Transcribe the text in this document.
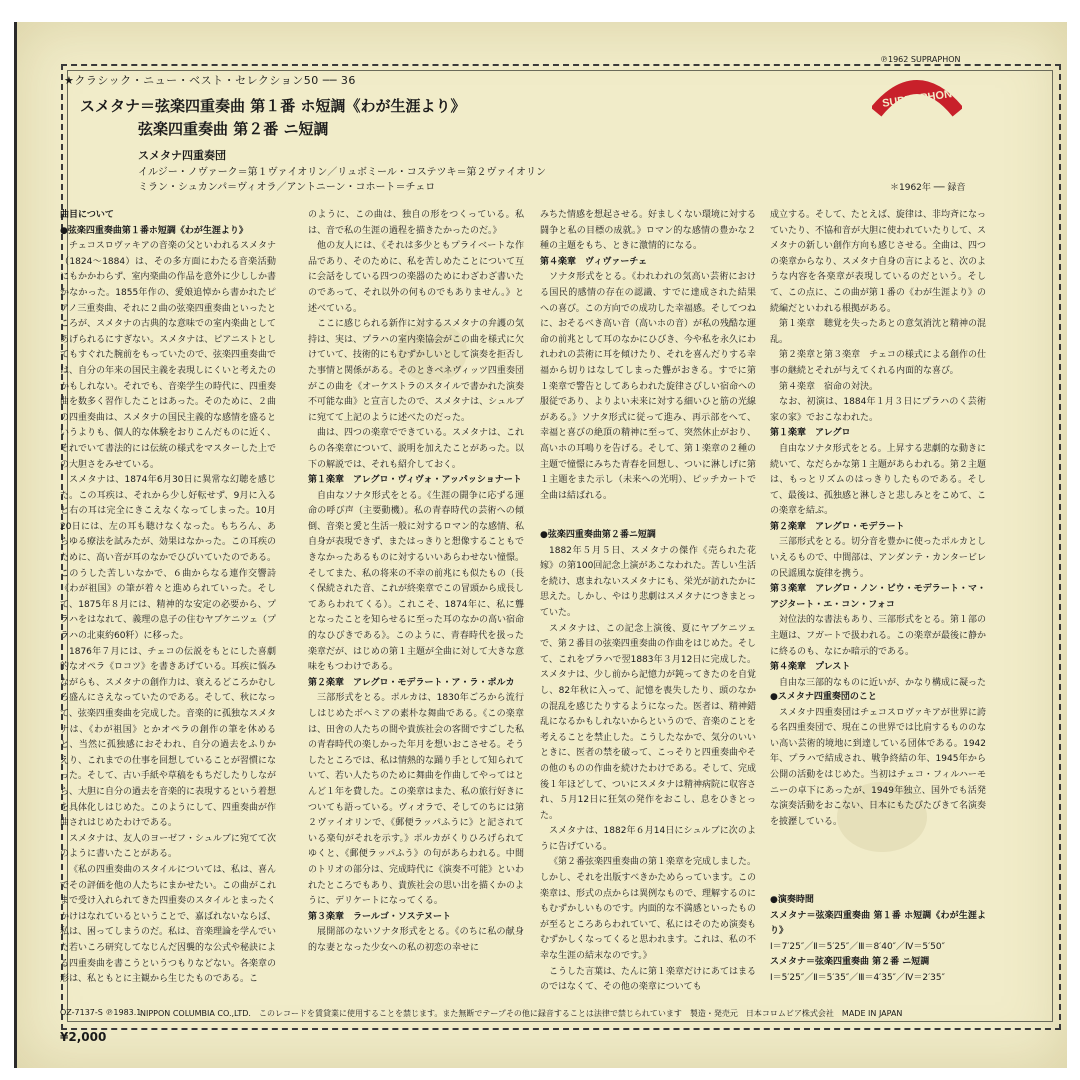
★クラシック・ニュー・ベスト・セレクション50 ── 36
スメタナ＝弦楽四重奏曲 第１番 ホ短調《わが生涯より》
弦楽四重奏曲 第２番 ニ短調
スメタナ四重奏団
イルジー・ノヴァーク＝第１ヴァイオリン／リュボミール・コステツキ＝第２ヴァイオリン
ミラン・シュカンパ＝ヴィオラ／アントニーン・コホート＝チェロ
℗1962 SUPRAPHON
SUPRAPHON
＊1962年 ── 録音

曲目について

●弦楽四重奏曲第１番ホ短調《わが生涯より》

チェコスロヴァキアの音楽の父といわれるスメタナ（1824〜1884）は、その多方面にわたる音楽活動にもかかわらず、室内楽曲の作品を意外に少ししか書かなかった。1855年作の、愛娘追悼から書かれたピアノ三重奏曲、それに２曲の弦楽四重奏曲といったところが、スメタナの古典的な意味での室内楽曲としてあげられるにすぎない。スメタナは、ピアニストとしてもすぐれた腕前をもっていたので、弦楽四重奏曲では、自分の年来の国民主義を表現しにくいと考えたのかもしれない。それでも、音楽学生の時代に、四重奏曲を数多く習作したことはあった。そのために、２曲の四重奏曲は、スメタナの国民主義的な感情を盛るというよりも、個人的な体験をおりこんだものに近く、それでいて書法的には伝統の様式をマスターした上での大胆さをみせている。

スメタナは、1874年6月30日に異常な幻聴を感じた。この耳疾は、それから少し好転せず、9月に入ると右の耳は完全にきこえなくなってしまった。10月20日には、左の耳も聴けなくなった。もちろん、あらゆる療法を試みたが、効果はなかった。この耳疾のために、高い音が耳のなかでひびいていたのである。このうした苦しいなかで、６曲からなる連作交響詩《わが祖国》の筆が着々と進められていった。そして、1875年８月には、精神的な安定の必要から、プラハをはなれて、義理の息子の住むヤブケニツェ（プラハの北東約60粁）に移った。

1876年７月には、チェコの伝説をもとにした喜劇的なオペラ《ロコツ》を書きあげている。耳疾に悩みながらも、スメタナの創作力は、衰えるどころかむしろ盛んにさえなっていたのである。そして、秋になって、弦楽四重奏曲を完成した。音楽的に孤独なスメタナは、《わが祖国》とかオペラの創作の筆を休めると、当然に孤独感におそわれ、自分の過去をふりかえり、これまでの仕事を回想していることが習慣になった。そして、古い手紙や草稿をもちだしたりしながら、大胆に自分の過去を音楽的に表現するという着想を具体化しはじめた。このようにして、四重奏曲が作曲されはじめたわけである。

スメタナは、友人のヨーゼフ・シュルブに宛てて次のように書いたことがある。

《私の四重奏曲のスタイルについては、私は、喜んでその評価を他の人たちにまかせたい。この曲がこれまで受け入れられてきた四重奏のスタイルとまったくかけはなれているということで、嘉ばれないならば、私は、困ってしまうのだ。私は、音楽理論を学んでいた若いころ研究してなじんだ因襲的な公式や秘訣による四重奏曲を書こうというつもりなどない。各楽章の形は、私ともとに主観から生じたものである。こ

のように、この曲は、独自の形をつくっている。私は、音で私の生涯の過程を描きたかったのだ。》

他の友人には、《それは多少ともプライベートな作品であり、そのために、私を苦しめたことについて互に会話をしている四つの楽器のためにわざわざ書いたのであって、それ以外の何ものでもありません。》と述べている。

ここに感じられる新作に対するスメタナの弁護の気持は、実は、プラハの室内楽協会がこの曲を様式に欠けていて、技術的にもむずかしいとして演奏を拒否した事情と関係がある。そのときベネヴィッツ四重奏団がこの曲を《オーケストラのスタイルで書かれた演奏不可能な曲》と宣言したので、スメタナは、シュルブに宛てて上記のように述べたのだった。

曲は、四つの楽章でできている。スメタナは、これらの各楽章について、説明を加えたことがあった。以下の解説では、それも紹介しておく。

第１楽章　アレグロ・ヴィヴォ・アッパッショナート

自由なソナタ形式をとる。《生涯の闘争に応ずる運命の呼び声（主要動機）。私の青春時代の芸術への傾倒、音楽と愛と生活一般に対するロマン的な感情、私自身が表現できず、またはっきりと想像することもできなかったあるものに対するいいあらわせない憧憬。そしてまた、私の将来の不幸の前兆にも似たもの（長く保続された音、これが終楽章でこの冒頭から成長してあらわれてくる）。これこそ、1874年に、私に聾となったことを知らせるに至った耳のなかの高い宿命的なひびきである》。このように、青春時代を扱った楽章だが、はじめの第１主題が全曲に対して大きな意味をもつわけである。

第２楽章　アレグロ・モデラート・ア・ラ・ポルカ

三部形式をとる。ポルカは、1830年ごろから流行しはじめたボヘミアの素朴な舞曲である。《この楽章は、田舎の人たちの間や貴族社会の客間ですごした私の青春時代の楽しかった年月を想いおこさせる。そうしたところでは、私は情熱的な踊り手として知られていて、若い人たちのために舞曲を作曲してやってはとんど１年を費した。この楽章はまた、私の旅行好きについても語っている。ヴィオラで、そしてのちには第２ヴァイオリンで、《郵便ラッパふうに》と記されている楽句がそれを示す。》ポルカがくりひろげられてゆくと、《郵便ラッパふう》の句があらわれる。中間のトリオの部分は、完成時代に《演奏不可能》といわれたところでもあり、貴族社会の思い出を描くかのように、デリケートになってくる。

第３楽章　ラールゴ・ソステヌート

展開部のないソナタ形式をとる。《のちに私の献身的な妻となった少女への私の初恋の幸せに

みちた情感を想起させる。好ましくない環境に対する闘争と私の目標の成就。》ロマン的な感情の豊かな２種の主題をもち、ときに激情的になる。

第４楽章　ヴィヴァーチェ

ソナタ形式をとる。《われわれの気高い芸術における国民的感情の存在の認識、すでに達成された結果への喜び。この方向での成功した幸福感。そしてつねに、おそるべき高い音（高いホの音）が私の残酷な運命の前兆として耳のなかにひびき、今や私を永久にわれわれの芸術に耳を傾けたり、それを喜んだりする幸福から切りはなしてしまった聾がおきる。すでに第１楽章で警告としてあらわれた旋律さびしい宿命への服従であり、よりよい未来に対する細いひと筋の光線がある。》ソナタ形式に従って進み、再示部をへて、幸福と喜びの絶頂の精神に至って、突然休止がおり、高いホの耳鳴りを告げる。そして、第１楽章の２種の主題で憧憬にみちた青春を回想し、ついに淋しげに第１主題をまた示し（未来への光明）、ピッチカートで全曲は結ばれる。

●弦楽四重奏曲第２番ニ短調

1882年５月５日、スメタナの傑作《売られた花嫁》の第100回記念上演があこなわれた。苦しい生活を続け、恵まれないスメタナにも、栄光が訪れたかに思えた。しかし、やはり悲劇はスメタナにつきまとっていた。

スメタナは、この記念上演後、夏にヤブケニツェで、第２番目の弦楽四重奏曲の作曲をはじめた。そして、これをプラハで翌1883年３月12日に完成した。スメタナは、少し前から記憶力が鈍ってきたのを自覚し、82年秋に入って、記憶を喪失したり、頭のなかの混乱を感じたりするようになった。医者は、精神錯乱になるかもしれないからというので、音楽のことを考えることを禁止した。こうしたなかで、気分のいいときに、医者の禁を破って、こっそりと四重奏曲やその他のものの作曲を続けたわけである。そして、完成後１年ほどして、ついにスメタナは精神病院に収容され、５月12日に狂気の発作をおこし、息をひきとった。

スメタナは、1882年６月14日にシュルブに次のように告げている。

《第２番弦楽四重奏曲の第１楽章を完成しました。しかし、それを出版すべきかためらっています。この楽章は、形式の点からは異例なもので、理解するのにもむずかしいものです。内面的な不満感といったものが至るところあらわれていて、私にはそのため演奏もむずかしくなってくると思われます。これは、私の不幸な生涯の結末なのです。》

こうした言葉は、たんに第１楽章だけにあてはまるのではなくて、その他の楽章についても

成立する。そして、たとえば、旋律は、非均斉になっていたり、不協和音が大胆に使われていたりして、スメタナの新しい創作方向も感じさせる。全曲は、四つの楽章からなり、スメタナ自身の言によると、次のような内容を各楽章が表現しているのだという。そして、この点に、この曲が第１番の《わが生涯より》の続編だといわれる根拠がある。

第１楽章　聴覚を失ったあとの意気消沈と精神の混乱。

第２楽章と第３楽章　チェコの様式による創作の仕事の継続とそれが与えてくれる内面的な喜び。

第４楽章　宿命の対決。

なお、初演は、1884年１月３日にプラハのく芸術家の家》でおこなわれた。

第１楽章　アレグロ

自由なソナタ形式をとる。上昇する悲劇的な動きに続いて、なだらかな第１主題があらわれる。第２主題は、もっとリズムのはっきりしたものである。そして、最後は、孤独感と淋しさと悲しみとをこめて、この楽章を結ぶ。

第２楽章　アレグロ・モデラート

三部形式をとる。切分音を豊かに使ったポルカとしいえるもので、中間部は、アンダンテ・カンタービレの民謡風な旋律を携う。

第３楽章　アレグロ・ノン・ピウ・モデラート・マ・アジタート・エ・コン・フォコ

対位法的な書法もあり、三部形式をとる。第１部の主題は、フガートで扱われる。この楽章が最後に静かに終るのも、なにか暗示的である。

第４楽章　プレスト

自由な三部的なものに近いが、かなり構成に凝った

●スメタナ四重奏団のこと

スメタナ四重奏団はチェコスロヴァキアが世界に誇る名四重奏団で、現在この世界では比肩するもののない高い芸術的境地に到達している団体である。1942年、プラハで結成され、戦争終結の年、1945年から公開の活動をはじめた。当初はチェコ・フィルハーモニーの卓下にあったが、1949年独立、国外でも活発な演奏活動をおこない、日本にもたびたびきて名演奏を披瀝している。

●演奏時間

スメタナ＝弦楽四重奏曲 第１番 ホ短調《わが生涯より》

Ⅰ＝7′25″／Ⅱ＝5′25″／Ⅲ＝8′40″／Ⅳ＝5′50″

スメタナ＝弦楽四重奏曲 第２番 ニ短調

Ⅰ＝5′25″／Ⅱ＝5′35″／Ⅲ＝4′35″／Ⅳ＝2′35″

OZ-7137-S ℗1983.1
NIPPON COLUMBIA CO.,LTD.　このレコードを賃貸業に使用することを禁じます。また無断でテープその他に録音することは法律で禁じられています　製造・発売元　日本コロムビア株式会社　MADE IN JAPAN
¥2,000
